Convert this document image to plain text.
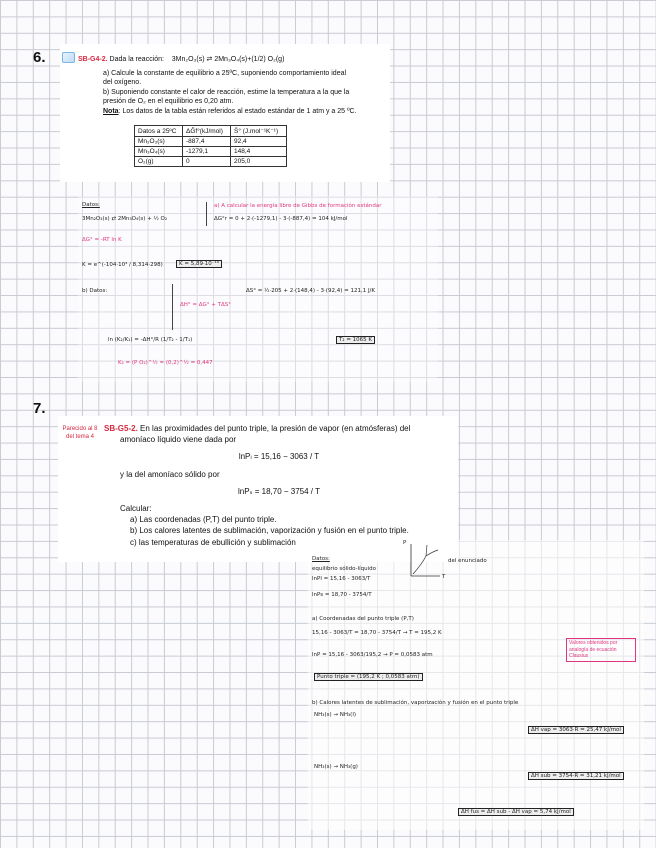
6.	SB-G4-2. Dada la reacción: 3Mn₂O₃(s) ⇄ 2Mn₃O₄(s)+(1/2) O₂(g)
a) Calcule la constante de equilibrio a 25ºC, suponiendo comportamiento ideal
del oxígeno.
b) Suponiendo constante el calor de reacción, estime la temperatura a la que la
presión de O₂ en el equilibrio es 0,20 atm.
Nota: Los datos de la tabla están referidos al estado estándar de 1 atm y a 25 ºC.
Datos a 25ºC	ΔḠf°(kJ/mol)	S̄° (J.mol⁻¹K⁻¹)
Mn₂O₃(s)	-887,4	92,4
Mn₃O₄(s)	-1279,1	148,4
O₂(g)	0	205,0
Datos:
3Mn₂O₃(s) ⇄ 2Mn₃O₄(s) + ½ O₂
a) A calcular la energía libre de Gibbs de formación estándar
ΔG°r = 0 + 2·(-1279,1) - 3·(-887,4) = 104 kJ/mol
ΔG° = -RT ln K
K = e^(-104·10³ / 8,314·298)	K = 5,89·10⁻¹⁹
b) Datos:	ΔS° = ½·205 + 2·(148,4) - 3·(92,4) = 121,1 J/K
ΔH° = ΔG° + TΔS°
ln (K₂/K₁) = -ΔH°/R (1/T₂ - 1/T₁)	T₂ = 1065 K
K₂ = (P O₂)^½ = (0,2)^½ = 0,447
7.
Parecido al 8 del tema 4
SB-G5-2. En las proximidades del punto triple, la presión de vapor (en atmósferas) del
amoníaco líquido viene dada por
lnPₗ = 15,16 − 3063 / T
y la del amoníaco sólido por
lnPₛ = 18,70 − 3754 / T
Calcular:
a) Las coordenadas (P,T) del punto triple.
b) Los calores latentes de sublimación, vaporización y fusión en el punto triple.
c) las temperaturas de ebullición y sublimación	P
T
del enunciado
Datos:
equilibrio sólido-líquido
lnPl = 15,16 - 3063/T
lnPs = 18,70 - 3754/T
a) Coordenadas del punto triple (P,T)
15,16 - 3063/T = 18,70 - 3754/T → T = 195,2 K
lnP = 15,16 - 3063/195,2 → P = 0,0583 atm
Valores obtenidos por analogía de ecuación Clausius
Punto triple = (195,2 K ; 0,0583 atm)
b) Calores latentes de sublimación, vaporización y fusión en el punto triple
NH₃(s) → NH₃(l)
ΔH vap = 3063·R = 25,47 kJ/mol
NH₃(s) → NH₃(g)
ΔH sub = 3754·R = 31,21 kJ/mol
ΔH fus = ΔH sub - ΔH vap = 5,74 kJ/mol
